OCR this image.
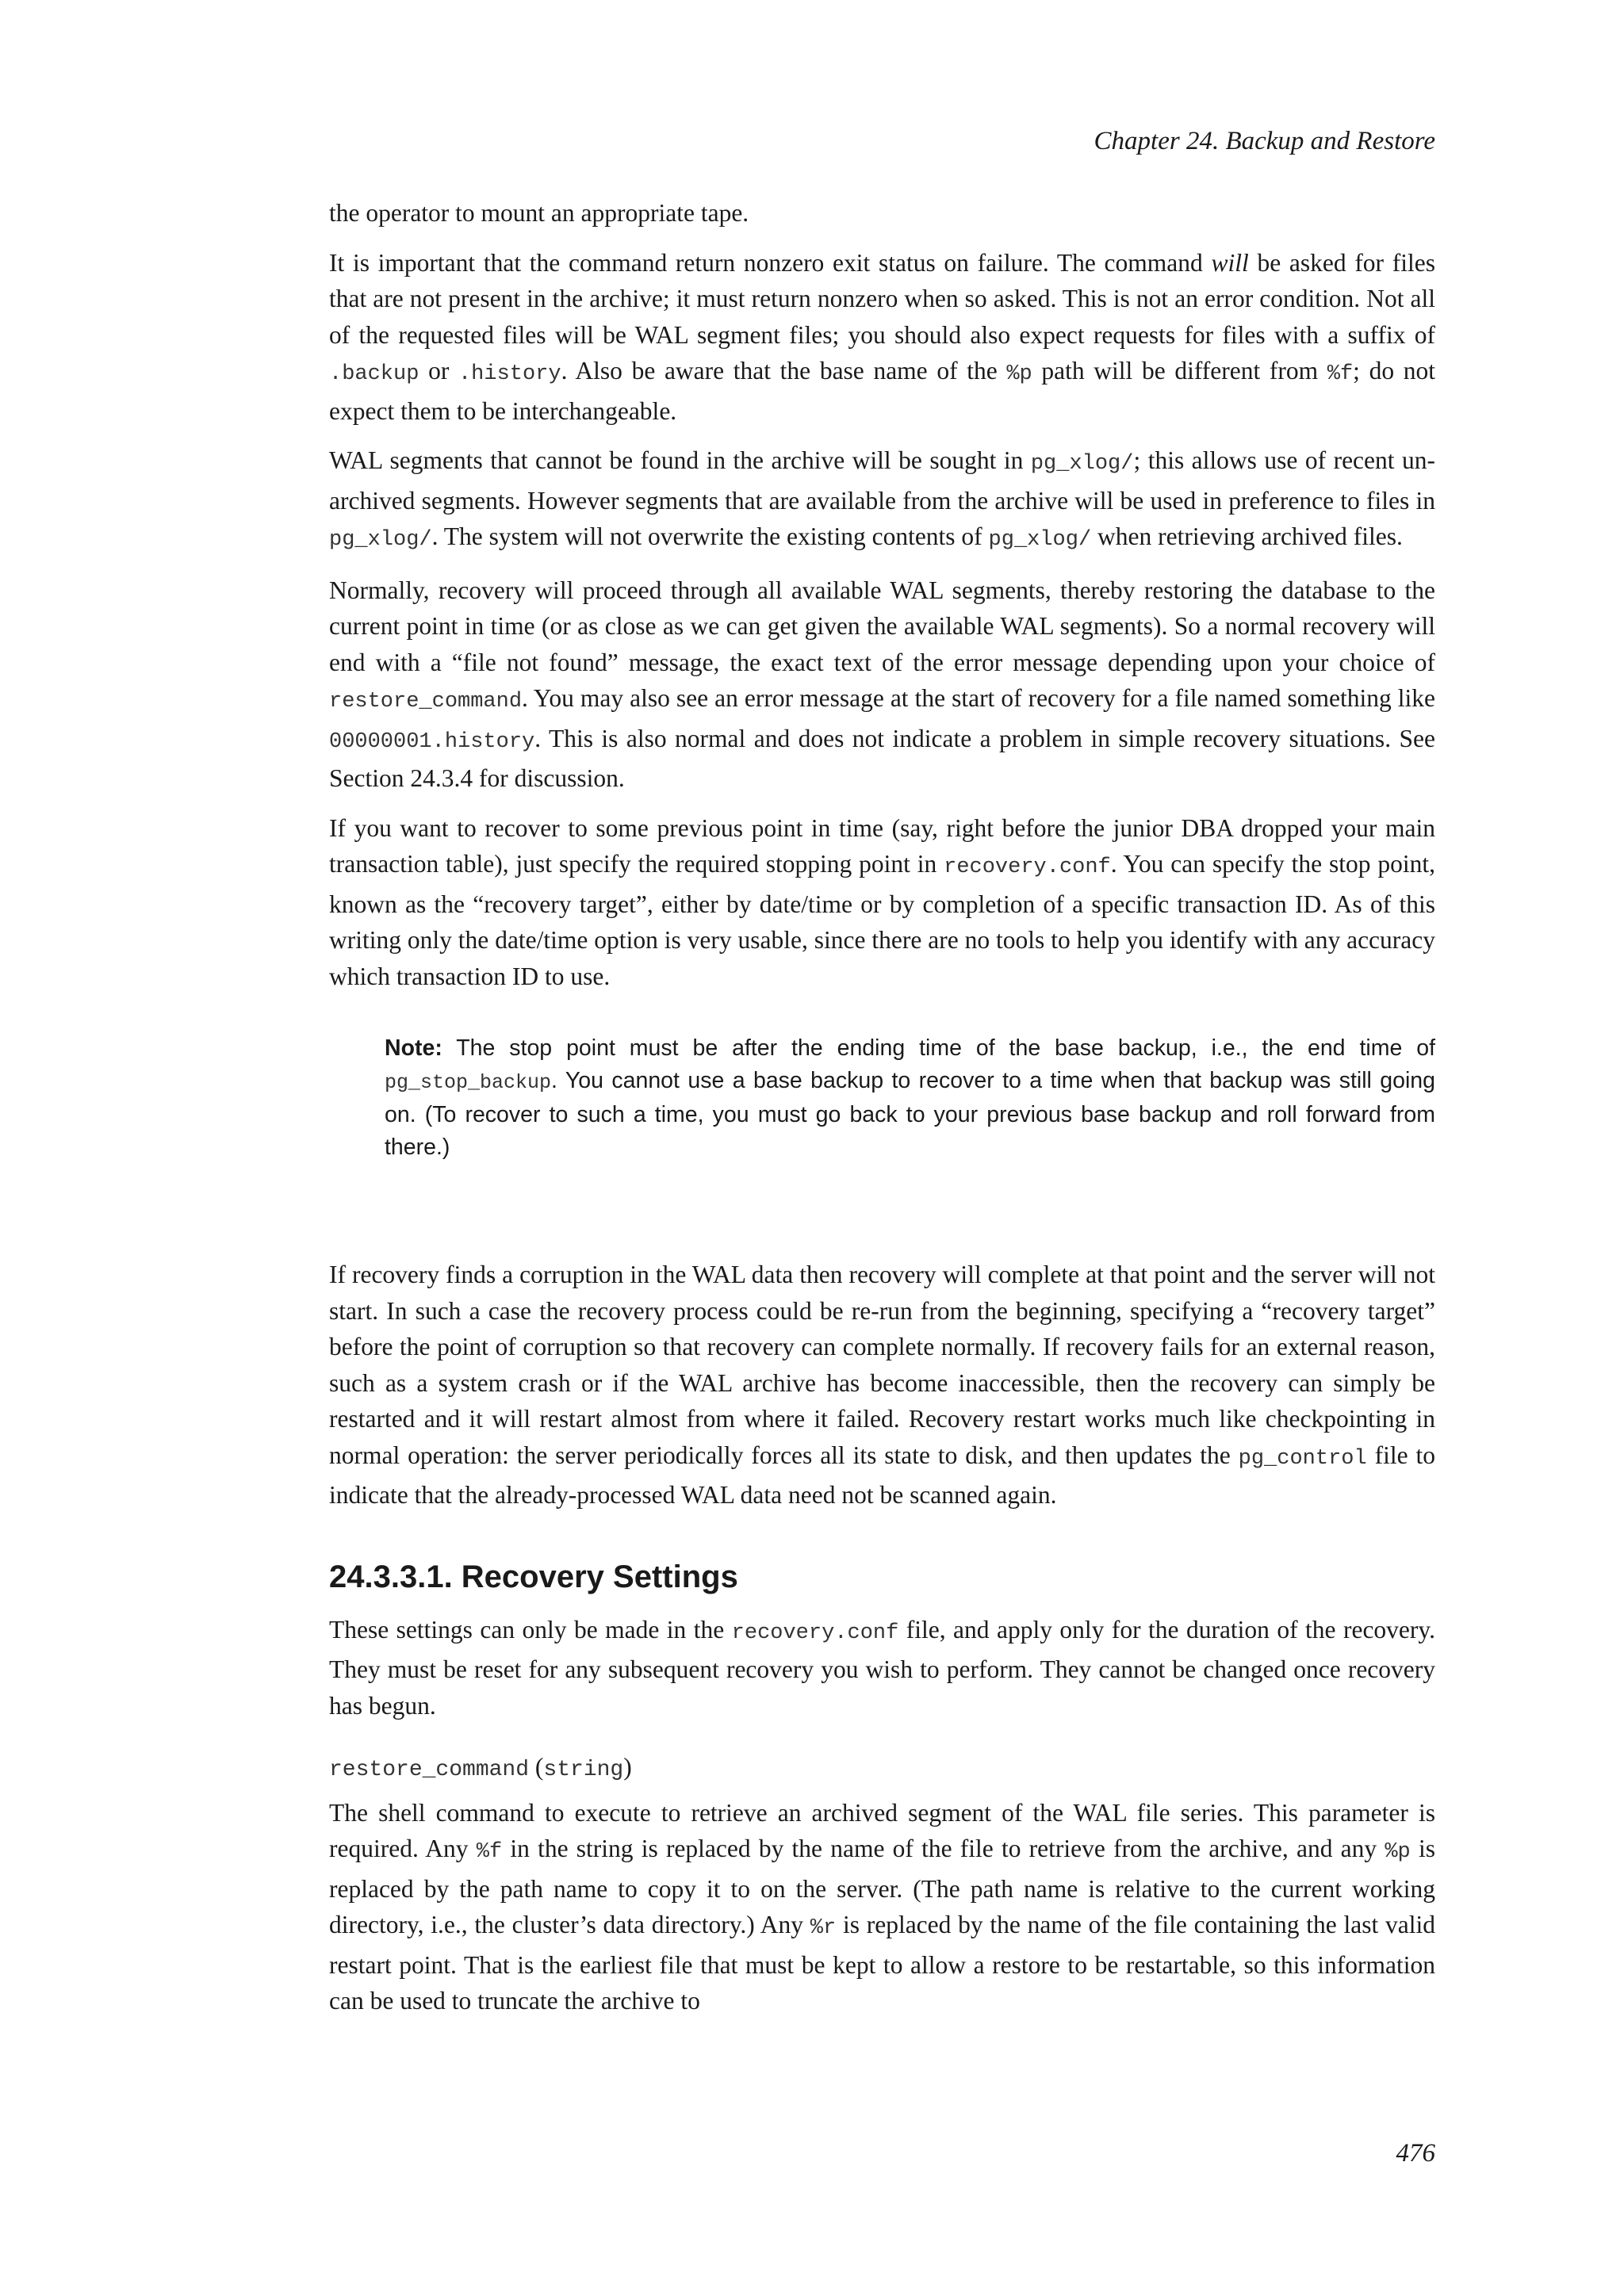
Chapter 24. Backup and Restore

the operator to mount an appropriate tape.

It is important that the command return nonzero exit status on failure. The command will be asked for files that are not present in the archive; it must return nonzero when so asked. This is not an error condition. Not all of the requested files will be WAL segment files; you should also expect requests for files with a suffix of .backup or .history. Also be aware that the base name of the %p path will be different from %f; do not expect them to be interchangeable.

WAL segments that cannot be found in the archive will be sought in pg_xlog/; this allows use of recent un-archived segments. However segments that are available from the archive will be used in preference to files in pg_xlog/. The system will not overwrite the existing contents of pg_xlog/ when retrieving archived files.

Normally, recovery will proceed through all available WAL segments, thereby restoring the database to the current point in time (or as close as we can get given the available WAL segments). So a normal recovery will end with a “file not found” message, the exact text of the error message depending upon your choice of restore_command. You may also see an error message at the start of recovery for a file named something like 00000001.history. This is also normal and does not indicate a problem in simple recovery situations. See Section 24.3.4 for discussion.

If you want to recover to some previous point in time (say, right before the junior DBA dropped your main transaction table), just specify the required stopping point in recovery.conf. You can specify the stop point, known as the “recovery target”, either by date/time or by completion of a specific transaction ID. As of this writing only the date/time option is very usable, since there are no tools to help you identify with any accuracy which transaction ID to use.

Note: The stop point must be after the ending time of the base backup, i.e., the end time of pg_stop_backup. You cannot use a base backup to recover to a time when that backup was still going on. (To recover to such a time, you must go back to your previous base backup and roll forward from there.)

If recovery finds a corruption in the WAL data then recovery will complete at that point and the server will not start. In such a case the recovery process could be re-run from the beginning, specifying a “recovery target” before the point of corruption so that recovery can complete normally. If recovery fails for an external reason, such as a system crash or if the WAL archive has become inaccessible, then the recovery can simply be restarted and it will restart almost from where it failed. Recovery restart works much like checkpointing in normal operation: the server periodically forces all its state to disk, and then updates the pg_control file to indicate that the already-processed WAL data need not be scanned again.

24.3.3.1. Recovery Settings

These settings can only be made in the recovery.conf file, and apply only for the duration of the recovery. They must be reset for any subsequent recovery you wish to perform. They cannot be changed once recovery has begun.

restore_command (string)

The shell command to execute to retrieve an archived segment of the WAL file series. This parameter is required. Any %f in the string is replaced by the name of the file to retrieve from the archive, and any %p is replaced by the path name to copy it to on the server. (The path name is relative to the current working directory, i.e., the cluster’s data directory.) Any %r is replaced by the name of the file containing the last valid restart point. That is the earliest file that must be kept to allow a restore to be restartable, so this information can be used to truncate the archive to

476
